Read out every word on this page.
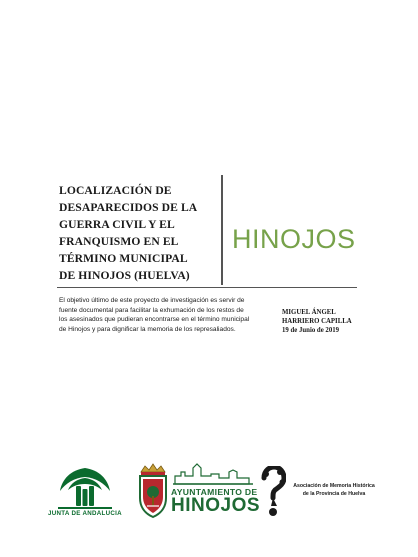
LOCALIZACIÓN DE
DESAPARECIDOS DE LA
GUERRA CIVIL Y EL
FRANQUISMO EN EL
TÉRMINO MUNICIPAL
DE HINOJOS (HUELVA)
HINOJOS
El objetivo último de este proyecto de investigación es servir de
fuente documental para facilitar la exhumación de los restos de
los asesinados que pudieran encontrarse en el término municipal
de Hinojos y para dignificar la memoria de los represaliados.
MIGUEL ÁNGEL
HARRIERO CAPILLA
19 de Junio de 2019
JUNTA DE ANDALUCIA
AYUNTAMIENTO DE
HINOJOS
Asociación de Memoria Histórica
de la Provincia de Huelva
